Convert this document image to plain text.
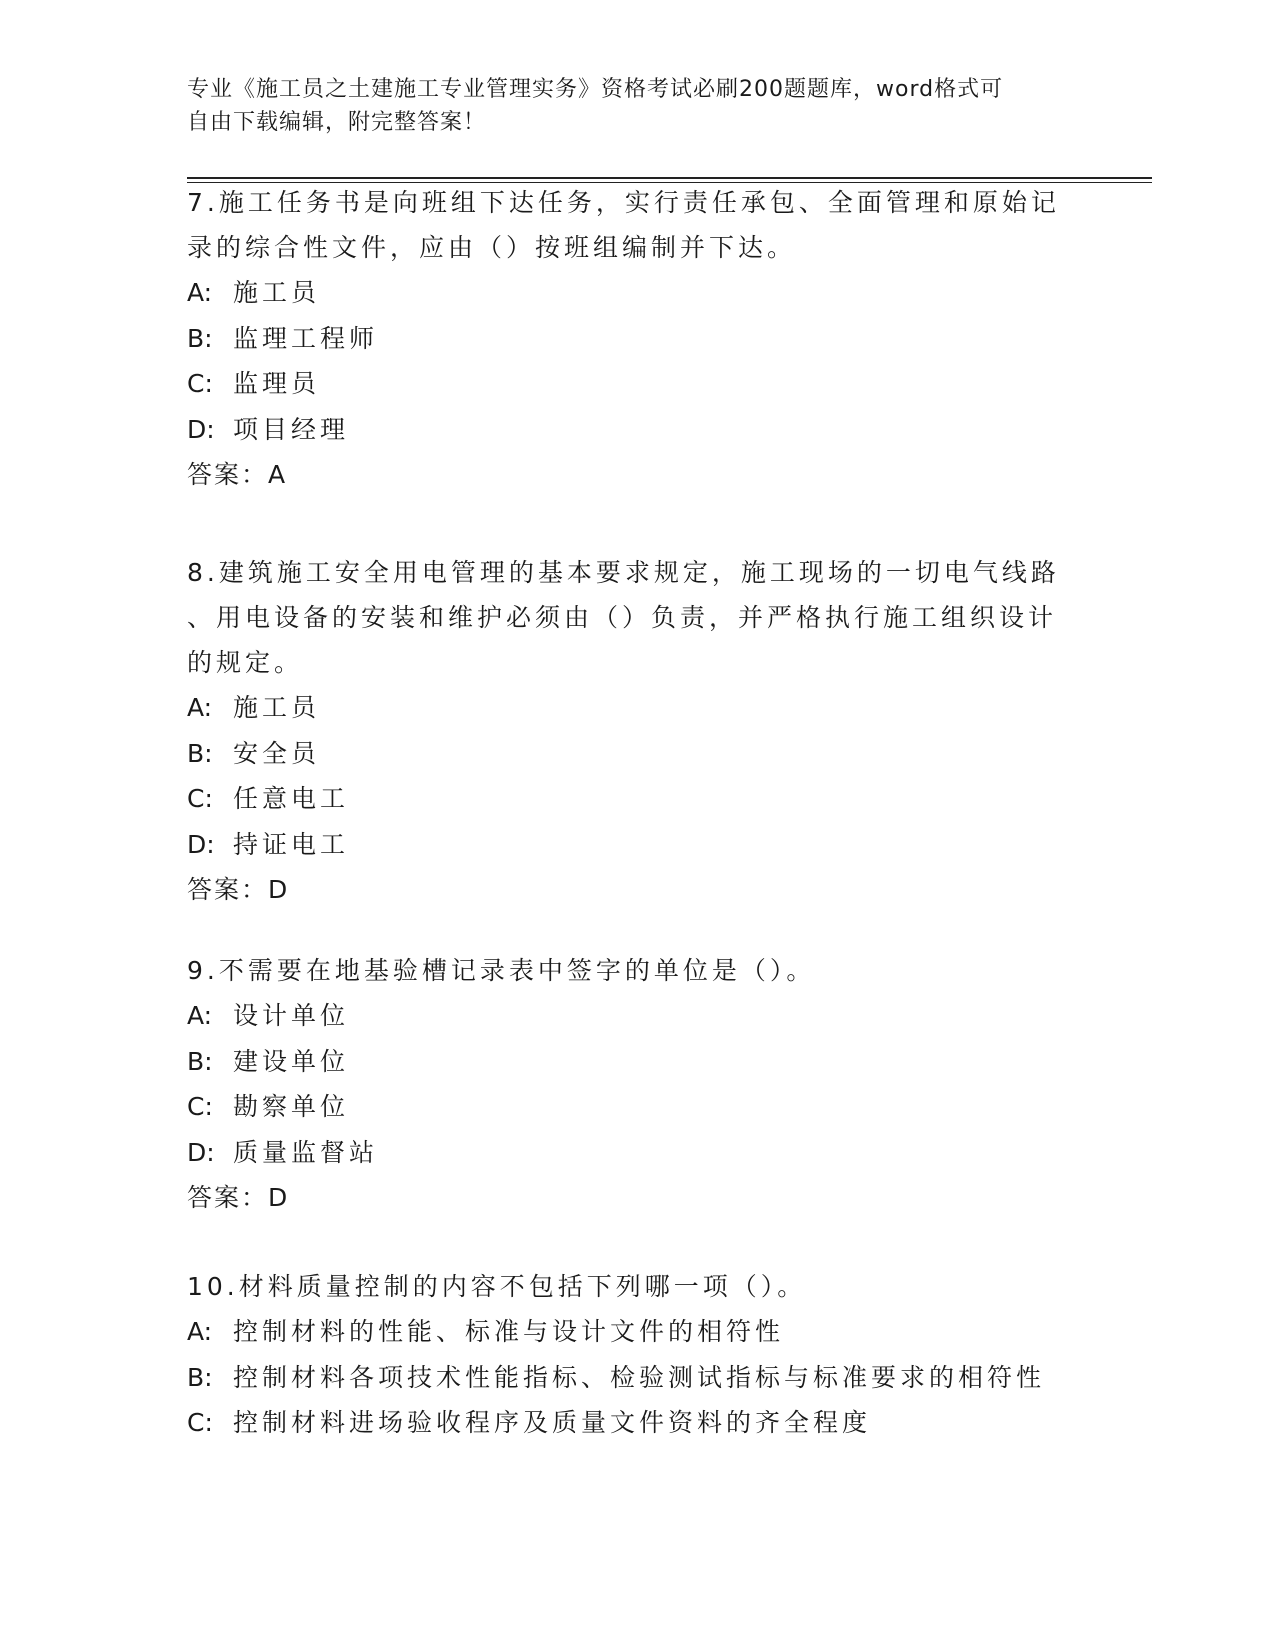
专业《施工员之土建施工专业管理实务》资格考试必刷200题题库，word格式可
自由下载编辑，附完整答案！

7.施工任务书是向班组下达任务，实行责任承包、全面管理和原始记

录的综合性文件，应由（）按班组编制并下达。

A: 施工员

B: 监理工程师

C: 监理员

D: 项目经理

答案：A

8.建筑施工安全用电管理的基本要求规定，施工现场的一切电气线路

、用电设备的安装和维护必须由（）负责，并严格执行施工组织设计

的规定。

A: 施工员

B: 安全员

C: 任意电工

D: 持证电工

答案：D

9.不需要在地基验槽记录表中签字的单位是（）。

A: 设计单位

B: 建设单位

C: 勘察单位

D: 质量监督站

答案：D

10.材料质量控制的内容不包括下列哪一项（）。

A: 控制材料的性能、标准与设计文件的相符性

B: 控制材料各项技术性能指标、检验测试指标与标准要求的相符性

C: 控制材料进场验收程序及质量文件资料的齐全程度
